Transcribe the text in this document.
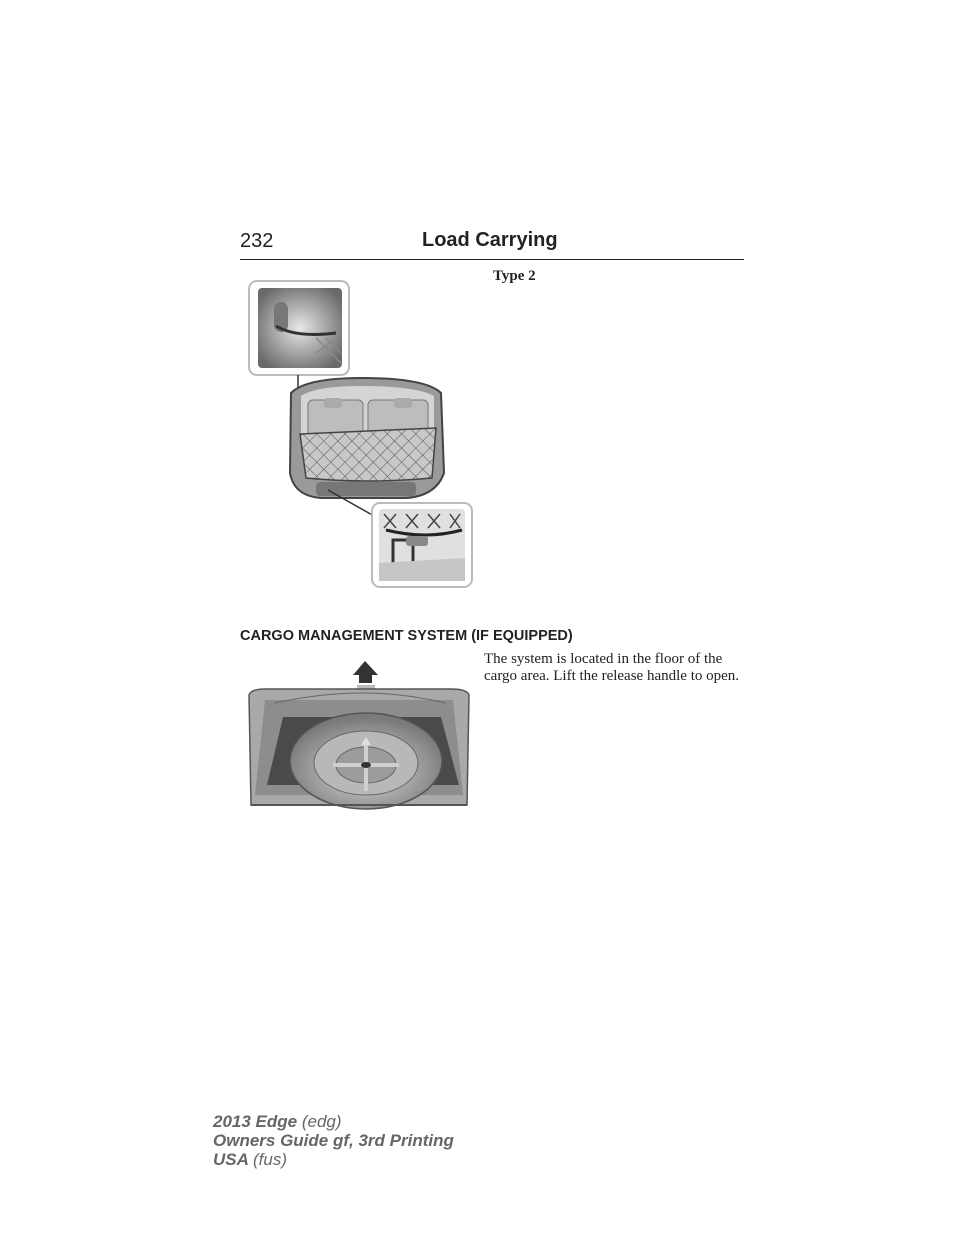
232	Load Carrying
Type 2
CARGO MANAGEMENT SYSTEM (IF EQUIPPED)
The system is located in the floor of the cargo area. Lift the release handle to open.
2013 Edge (edg)
Owners Guide gf, 3rd Printing
USA (fus)
